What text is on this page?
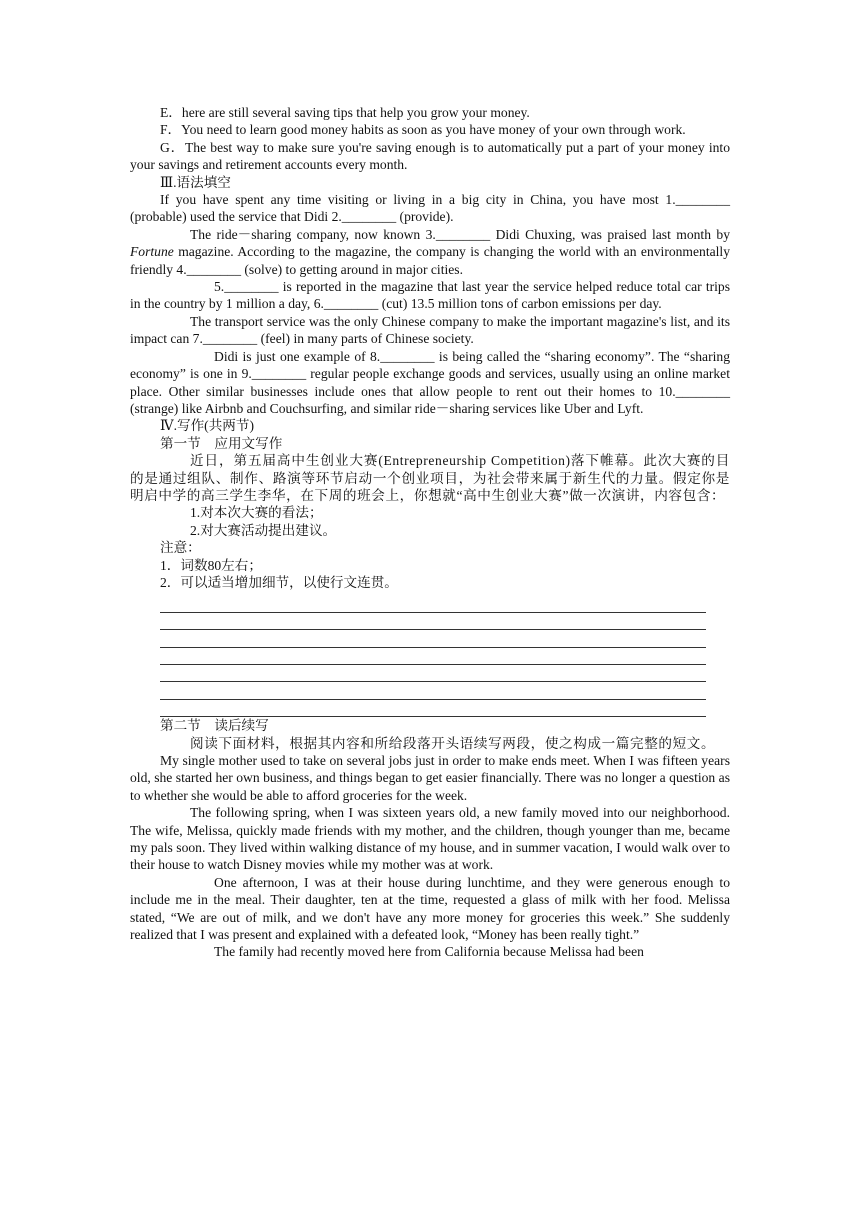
E．here are still several saving tips that help you grow your money.

F．You need to learn good money habits as soon as you have money of your own through work.

G．The best way to make sure you're saving enough is to automatically put a part of your money into your savings and retirement accounts every month.

Ⅲ.语法填空

If you have spent any time visiting or living in a big city in China, you have most 1.________ (probable) used the service that Didi 2.________ (provide).

The ride－sharing company, now known 3.________ Didi Chuxing, was praised last month by Fortune magazine. According to the magazine, the company is changing the world with an environmentally friendly 4.________ (solve) to getting around in major cities.

5.________ is reported in the magazine that last year the service helped reduce total car trips in the country by 1 million a day, 6.________ (cut) 13.5 million tons of carbon emissions per day.

The transport service was the only Chinese company to make the important magazine's list, and its impact can 7.________ (feel) in many parts of Chinese society.

Didi is just one example of 8.________ is being called the “sharing economy”. The “sharing economy” is one in 9.________ regular people exchange goods and services, usually using an online market place. Other similar businesses include ones that allow people to rent out their homes to 10.________ (strange) like Airbnb and Couchsurfing, and similar ride－sharing services like Uber and Lyft.

Ⅳ.写作(共两节)

第一节　应用文写作

近日，第五届高中生创业大赛(Entrepreneurship Competition)落下帷幕。此次大赛的目的是通过组队、制作、路演等环节启动一个创业项目，为社会带来属于新生代的力量。假定你是明启中学的高三学生李华，在下周的班会上，你想就“高中生创业大赛”做一次演讲，内容包含：

1.对本次大赛的看法；

2.对大赛活动提出建议。

注意：

1．词数80左右；

2．可以适当增加细节，以使行文连贯。

第二节　读后续写

阅读下面材料，根据其内容和所给段落开头语续写两段，使之构成一篇完整的短文。

My single mother used to take on several jobs just in order to make ends meet. When I was fifteen years old, she started her own business, and things began to get easier financially. There was no longer a question as to whether she would be able to afford groceries for the week.

The following spring, when I was sixteen years old, a new family moved into our neighborhood. The wife, Melissa, quickly made friends with my mother, and the children, though younger than me, became my pals soon. They lived within walking distance of my house, and in summer vacation, I would walk over to their house to watch Disney movies while my mother was at work.

One afternoon, I was at their house during lunchtime, and they were generous enough to include me in the meal. Their daughter, ten at the time, requested a glass of milk with her food. Melissa stated, “We are out of milk, and we don't have any more money for groceries this week.” She suddenly realized that I was present and explained with a defeated look, “Money has been really tight.”

The family had recently moved here from California because Melissa had been
